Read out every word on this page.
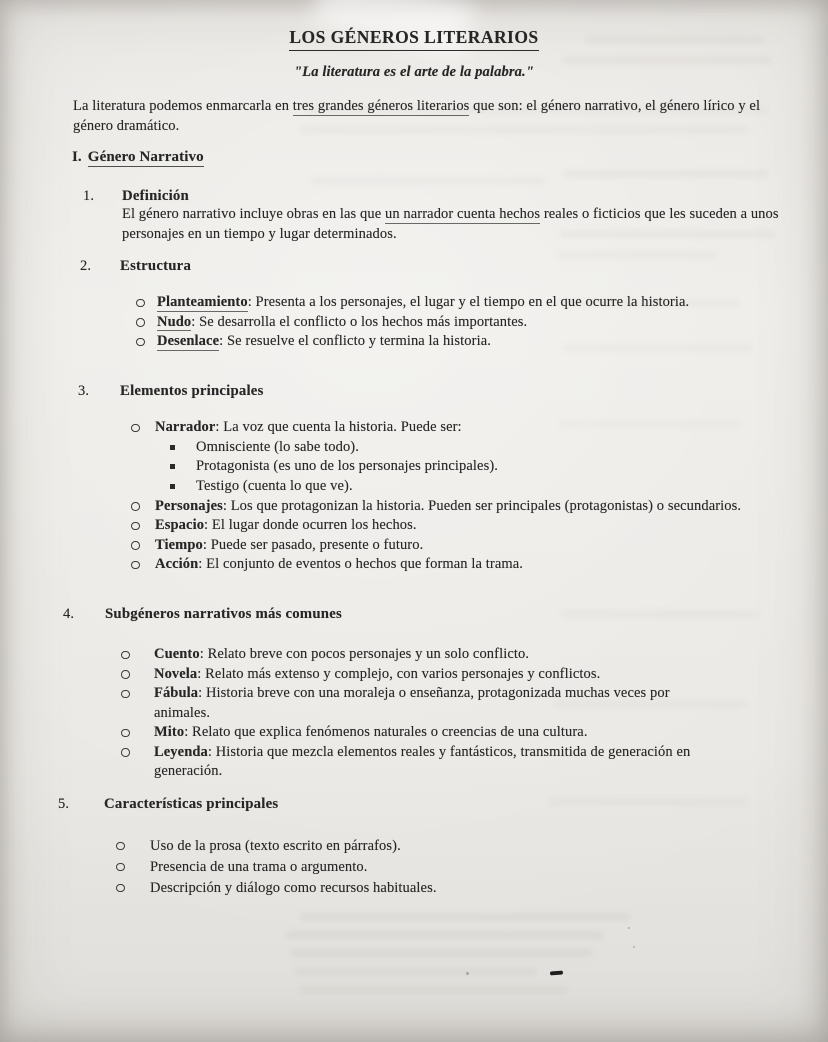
LOS GÉNEROS LITERARIOS
"La literatura es el arte de la palabra."

La literatura podemos enmarcarla en tres grandes géneros literarios que son: el género narrativo, el género lírico y el género dramático.

I. Género Narrativo
1. Definición

El género narrativo incluye obras en las que un narrador cuenta hechos reales o ficticios que les suceden a unos personajes en un tiempo y lugar determinados.

2. Estructura
Planteamiento: Presenta a los personajes, el lugar y el tiempo en el que ocurre la historia.
Nudo: Se desarrolla el conflicto o los hechos más importantes.
Desenlace: Se resuelve el conflicto y termina la historia.
3. Elementos principales
Narrador: La voz que cuenta la historia. Puede ser:
Omnisciente (lo sabe todo).
Protagonista (es uno de los personajes principales).
Testigo (cuenta lo que ve).
Personajes: Los que protagonizan la historia. Pueden ser principales (protagonistas) o secundarios.
Espacio: El lugar donde ocurren los hechos.
Tiempo: Puede ser pasado, presente o futuro.
Acción: El conjunto de eventos o hechos que forman la trama.
4. Subgéneros narrativos más comunes
Cuento: Relato breve con pocos personajes y un solo conflicto.
Novela: Relato más extenso y complejo, con varios personajes y conflictos.
Fábula: Historia breve con una moraleja o enseñanza, protagonizada muchas veces por animales.
Mito: Relato que explica fenómenos naturales o creencias de una cultura.
Leyenda: Historia que mezcla elementos reales y fantásticos, transmitida de generación en generación.
5. Características principales
Uso de la prosa (texto escrito en párrafos).
Presencia de una trama o argumento.
Descripción y diálogo como recursos habituales.
